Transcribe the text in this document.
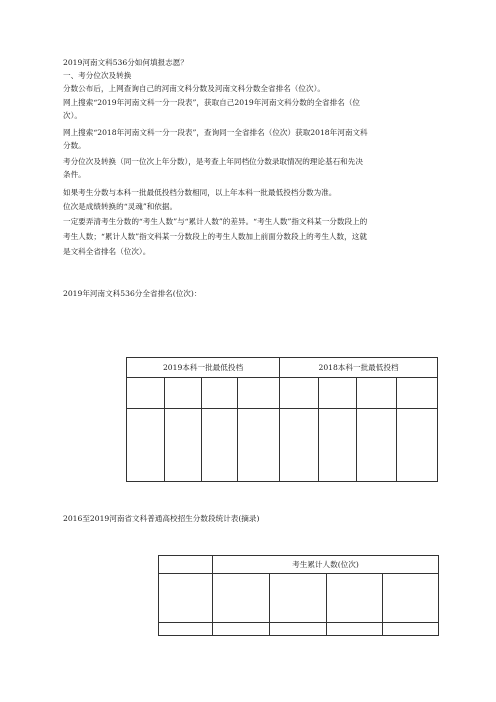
2019河南文科536分如何填报志愿？
一、考分位次及转换
分数公布后，上网查询自己的河南文科分数及河南文科分数全省排名（位次）。
网上搜索“2019年河南文科一分一段表”，获取自己2019年河南文科分数的全省排名（位
次）。
网上搜索“2018年河南文科一分一段表”，查询同一全省排名（位次）获取2018年河南文科
分数。
考分位次及转换（同一位次上年分数），是考查上年同档位分数录取情况的理论基石和先决
条件。
如果考生分数与本科一批最低投档分数相同，以上年本科一批最低投档分数为准。
位次是成绩转换的“灵魂”和依据。
一定要弄清考生分数的“考生人数”与“累计人数”的差异。“考生人数”指文科某一分数段上的
考生人数；“累计人数”指文科某一分数段上的考生人数加上前面分数段上的考生人数，这就
是文科全省排名（位次）。
2019年河南文科536分全省排名(位次)：
2019本科一批最低投档				2018本科一批最低投档			

2016至2019河南省文科普通高校招生分数段统计表(摘录)
	考生累计人数(位次)			
